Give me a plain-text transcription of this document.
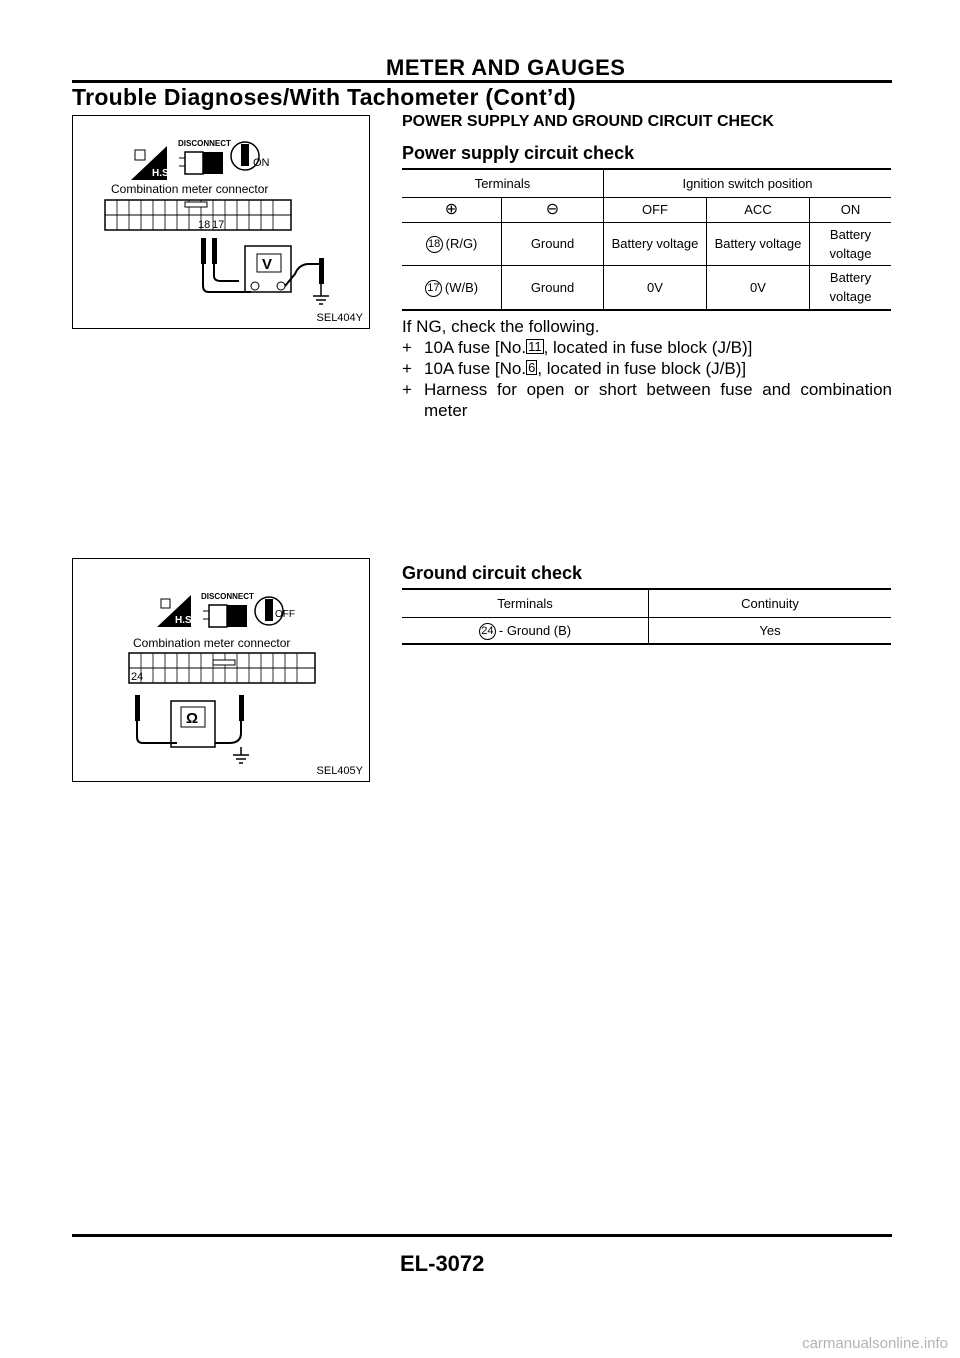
METER AND GAUGES
Trouble Diagnoses/With Tachometer (Cont’d)
H.S.
DISCONNECT
ON
Combination meter connector
18 17
V
SEL404Y
H.S.
DISCONNECT
OFF
Combination meter connector
24
Ω
SEL405Y
POWER SUPPLY AND GROUND CIRCUIT CHECK
Power supply circuit check
Terminals		Ignition switch position		
⊕	⊖	OFF	ACC	ON
18 (R/G)	Ground	Battery voltage	Battery voltage	Battery voltage
17 (W/B)	Ground	0V	0V	Battery voltage
If NG, check the following.
+ 10A fuse [No. 11 , located in fuse block (J/B)]
+ 10A fuse [No. 6 , located in fuse block (J/B)]
+ Harness for open or short between fuse and combination meter
Ground circuit check
Terminals	Continuity
24 - Ground (B)	Yes
EL-3072
carmanualsonline.info
